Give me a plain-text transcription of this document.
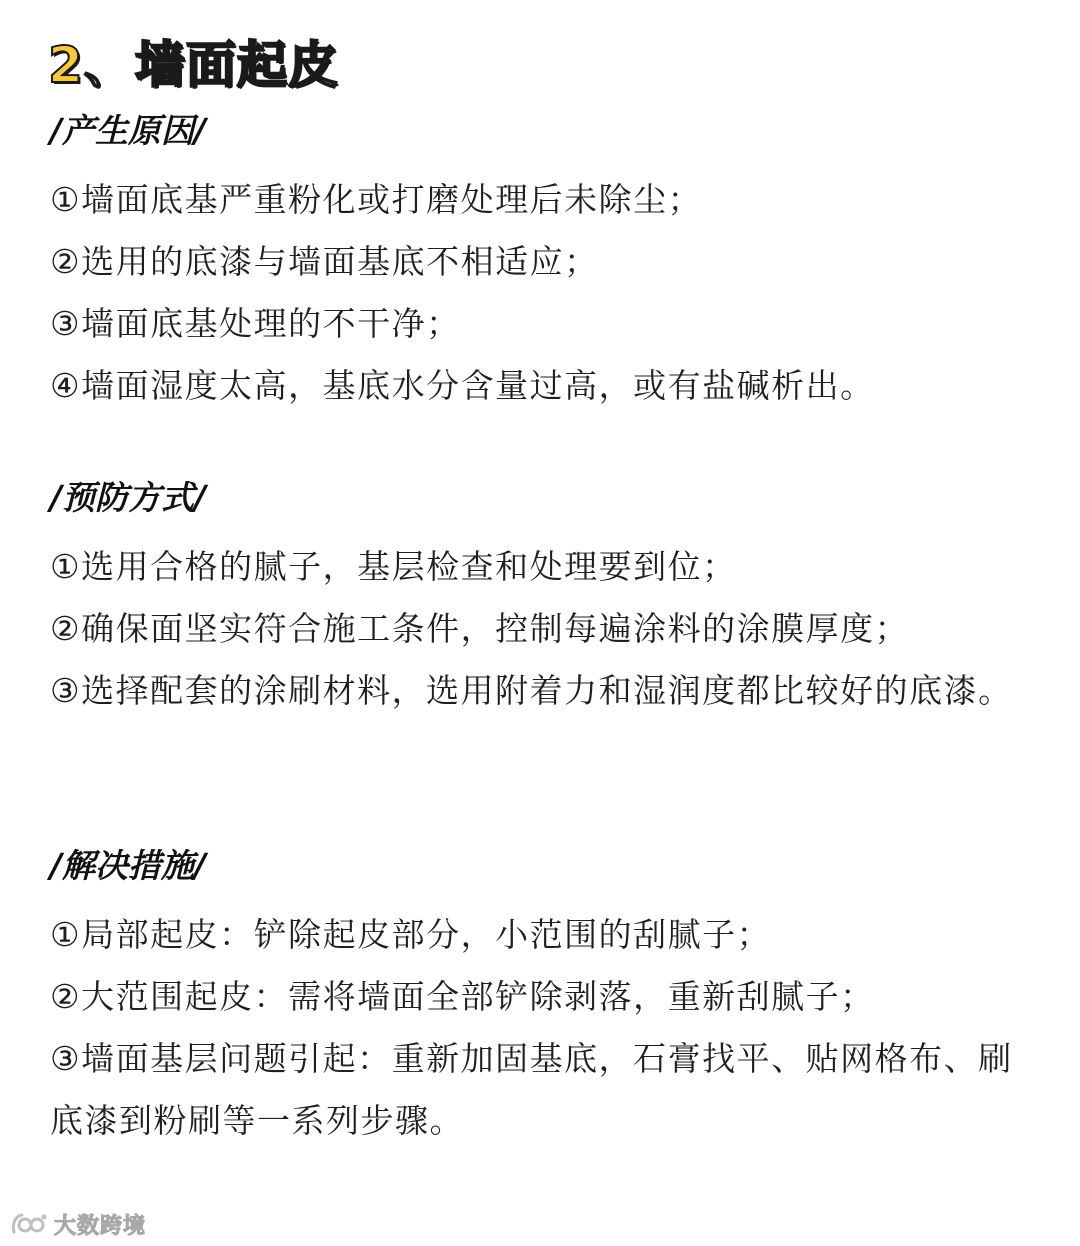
2、墙面起皮
/产生原因/

①墙面底基严重粉化或打磨处理后未除尘；

②选用的底漆与墙面基底不相适应；

③墙面底基处理的不干净；

④墙面湿度太高，基底水分含量过高，或有盐碱析出。

/预防方式/

①选用合格的腻子，基层检查和处理要到位；

②确保面坚实符合施工条件，控制每遍涂料的涂膜厚度；

③选择配套的涂刷材料，选用附着力和湿润度都比较好的底漆。

/解决措施/

①局部起皮：铲除起皮部分，小范围的刮腻子；

②大范围起皮：需将墙面全部铲除剥落，重新刮腻子；

③墙面基层问题引起：重新加固基底，石膏找平、贴网格布、刷底漆到粉刷等一系列步骤。

大数跨境
